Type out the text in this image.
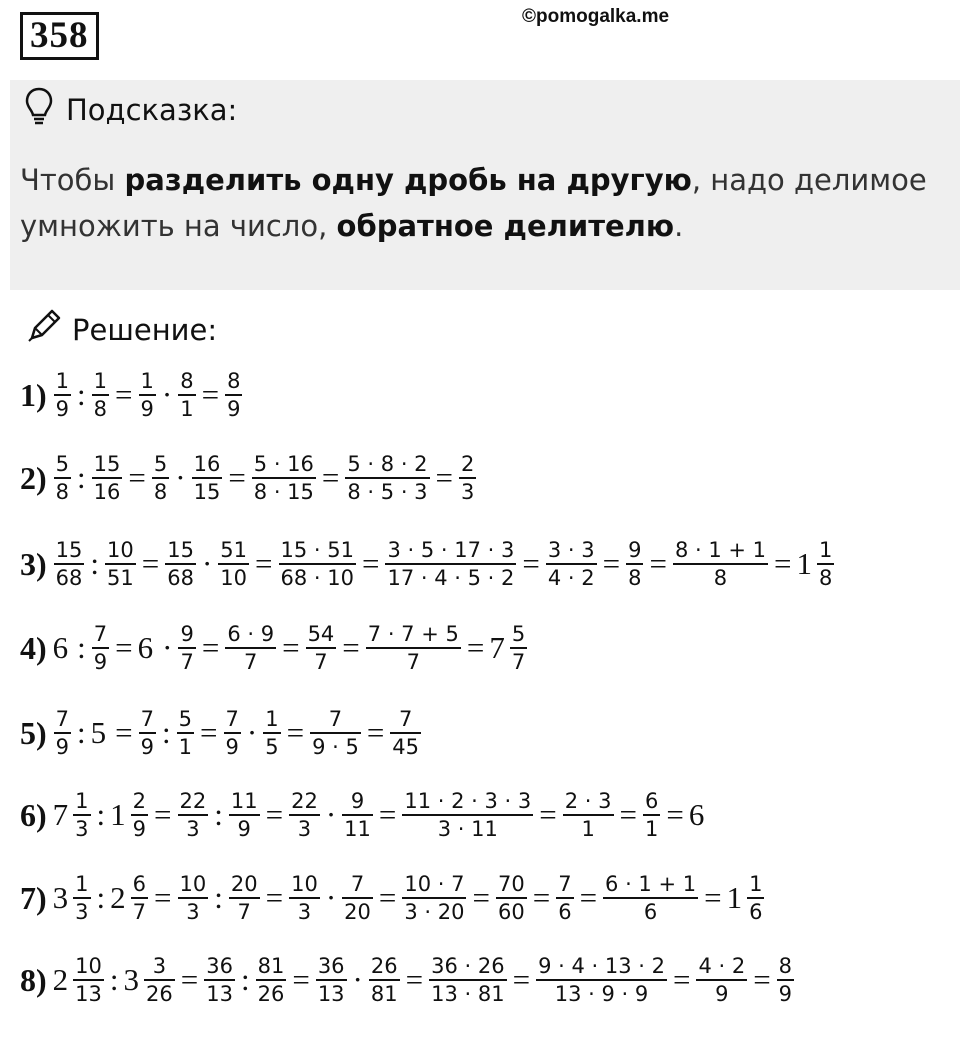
358	©pomogalka.me
Подсказка:
Чтобы разделить одну дробь на другую, надо делимое
умножить на число, обратное делителю.
Решение:
$1) \frac{1}{9}$ : $\frac{1}{8} = \frac{1}{9} \cdot \frac{8}{1} = \frac{8}{9}$
$2) \frac{5}{8}$ : $\frac{15}{16} = \frac{5}{8} \cdot \frac{16}{15} = \frac{5 \cdot 16}{8 \cdot 15} = \frac{5 \cdot 8 \cdot 2}{8 \cdot 5 \cdot 3} = \frac{2}{3}$
$3) \frac{15}{68}$ : $\frac{10}{51} = \frac{15}{68} \cdot \frac{51}{10} = \frac{15 \cdot 51}{68 \cdot 10} = \frac{3 \cdot 5 \cdot 17 \cdot 3}{17 \cdot 4 \cdot 5 \cdot 2} = \frac{3 \cdot 3}{4 \cdot 2} = \frac{9}{8} = \frac{8 \cdot 1 + 1}{8} = 1 \frac{1}{8}$
4) 6 : $\frac{7}{9} = 6 \cdot \frac{9}{7} = \frac{6 \cdot 9}{7} = \frac{54}{7} = \frac{7 \cdot 7 + 5}{7} = 7 \frac{5}{7}$
$5) \frac{7}{9}$ : $5 = \frac{7}{9}$ : $\frac{5}{1} = \frac{7}{9} \cdot \frac{1}{5} = \frac{7}{9 \cdot 5} = \frac{7}{45}$
6) $7 \frac{1}{3}$ : $1 \frac{2}{9} = \frac{22}{3}$ : $\frac{11}{9} = \frac{22}{3} \cdot \frac{9}{11} = \frac{11 \cdot 2 \cdot 3 \cdot 3}{3 \cdot 11} = \frac{2 \cdot 3}{1} = \frac{6}{1} = 6$
7) $3 \frac{1}{3}$ : $2 \frac{6}{7} = \frac{10}{3}$ : $\frac{20}{7} = \frac{10}{3} \cdot \frac{7}{20} = \frac{10 \cdot 7}{3 \cdot 20} = \frac{70}{60} = \frac{7}{6} = \frac{6 \cdot 1 + 1}{6} = 1 \frac{1}{6}$
8) $2 \frac{10}{13}$ : $3 \frac{3}{26} = \frac{36}{13}$ : $\frac{81}{26} = \frac{36}{13} \cdot \frac{26}{81} = \frac{36 \cdot 26}{13 \cdot 81} = \frac{9 \cdot 4 \cdot 13 \cdot 2}{13 \cdot 9 \cdot 9} = \frac{4 \cdot 2}{9} = \frac{8}{9}$
